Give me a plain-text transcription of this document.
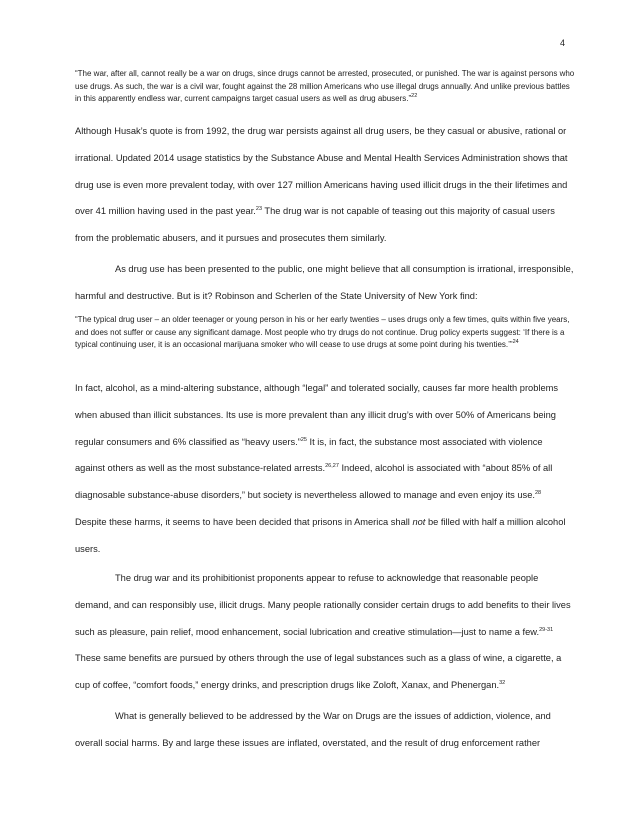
4

“The war, after all, cannot really be a war on drugs, since drugs cannot be arrested, prosecuted, or punished. The war is against persons who use drugs. As such, the war is a civil war, fought against the 28 million Americans who use illegal drugs annually. And unlike previous battles in this apparently endless war, current campaigns target casual users as well as drug abusers.”$^{22}$

Although Husak’s quote is from 1992, the drug war persists against all drug users, be they casual or abusive, rational or irrational. Updated 2014 usage statistics by the Substance Abuse and Mental Health Services Administration shows that drug use is even more prevalent today, with over 127 million Americans having used illicit drugs in the their lifetimes and over 41 million having used in the past year.$^{23}$ The drug war is not capable of teasing out this majority of casual users from the problematic abusers, and it pursues and prosecutes them similarly.

As drug use has been presented to the public, one might believe that all consumption is irrational, irresponsible, harmful and destructive. But is it? Robinson and Scherlen of the State University of New York find:

“The typical drug user – an older teenager or young person in his or her early twenties – uses drugs only a few times, quits within five years, and does not suffer or cause any significant damage. Most people who try drugs do not continue. Drug policy experts suggest: ‘If there is a typical continuing user, it is an occasional marijuana smoker who will cease to use drugs at some point during his twenties.’”$^{24}$

In fact, alcohol, as a mind-altering substance, although “legal” and tolerated socially, causes far more health problems when abused than illicit substances. Its use is more prevalent than any illicit drug’s with over 50% of Americans being regular consumers and 6% classified as “heavy users.”$^{25}$ It is, in fact, the substance most associated with violence against others as well as the most substance-related arrests.$^{26,27}$ Indeed, alcohol is associated with “about 85% of all diagnosable substance-abuse disorders,” but society is nevertheless allowed to manage and even enjoy its use.$^{28}$ Despite these harms, it seems to have been decided that prisons in America shall not be filled with half a million alcohol users.

The drug war and its prohibitionist proponents appear to refuse to acknowledge that reasonable people demand, and can responsibly use, illicit drugs. Many people rationally consider certain drugs to add benefits to their lives such as pleasure, pain relief, mood enhancement, social lubrication and creative stimulation—just to name a few.$^{29-31}$ These same benefits are pursued by others through the use of legal substances such as a glass of wine, a cigarette, a cup of coffee, “comfort foods,” energy drinks, and prescription drugs like Zoloft, Xanax, and Phenergan.$^{32}$

What is generally believed to be addressed by the War on Drugs are the issues of addiction, violence, and overall social harms. By and large these issues are inflated, overstated, and the result of drug enforcement rather
